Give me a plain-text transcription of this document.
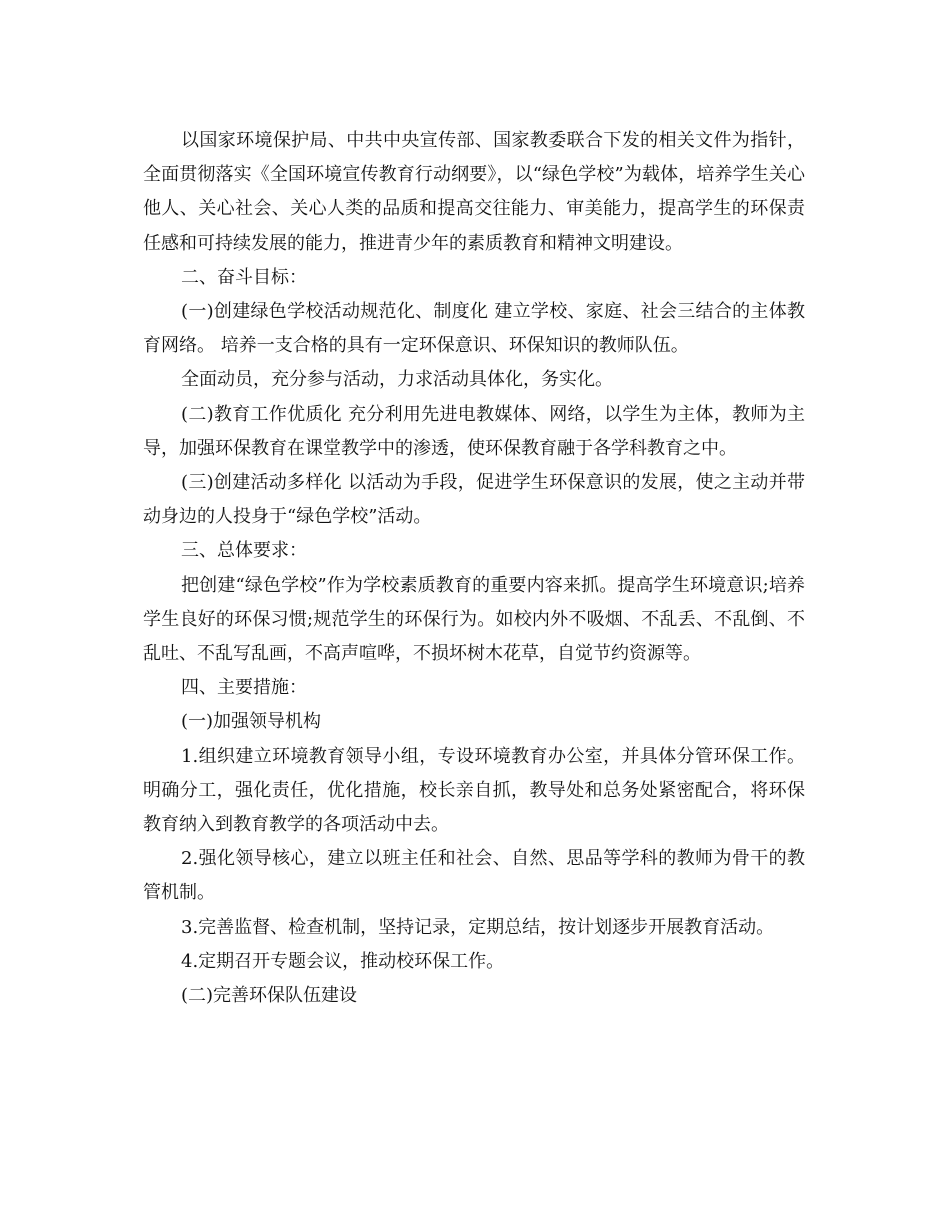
以国家环境保护局、中共中央宣传部、国家教委联合下发的相关文件为指针，全面贯彻落实《全国环境宣传教育行动纲要》，以“绿色学校”为载体，培养学生关心他人、关心社会、关心人类的品质和提高交往能力、审美能力，提高学生的环保责任感和可持续发展的能力，推进青少年的素质教育和精神文明建设。

二、奋斗目标：

(一)创建绿色学校活动规范化、制度化 建立学校、家庭、社会三结合的主体教育网络。 培养一支合格的具有一定环保意识、环保知识的教师队伍。

全面动员，充分参与活动，力求活动具体化，务实化。

(二)教育工作优质化 充分利用先进电教媒体、网络，以学生为主体，教师为主导，加强环保教育在课堂教学中的渗透，使环保教育融于各学科教育之中。

(三)创建活动多样化 以活动为手段，促进学生环保意识的发展，使之主动并带动身边的人投身于“绿色学校”活动。

三、总体要求：

把创建“绿色学校”作为学校素质教育的重要内容来抓。提高学生环境意识;培养学生良好的环保习惯;规范学生的环保行为。如校内外不吸烟、不乱丢、不乱倒、不乱吐、不乱写乱画，不高声喧哗，不损坏树木花草，自觉节约资源等。

四、主要措施：

(一)加强领导机构

1.组织建立环境教育领导小组，专设环境教育办公室，并具体分管环保工作。明确分工，强化责任，优化措施，校长亲自抓，教导处和总务处紧密配合，将环保教育纳入到教育教学的各项活动中去。

2.强化领导核心，建立以班主任和社会、自然、思品等学科的教师为骨干的教管机制。

3.完善监督、检查机制，坚持记录，定期总结，按计划逐步开展教育活动。

4.定期召开专题会议，推动校环保工作。

(二)完善环保队伍建设
